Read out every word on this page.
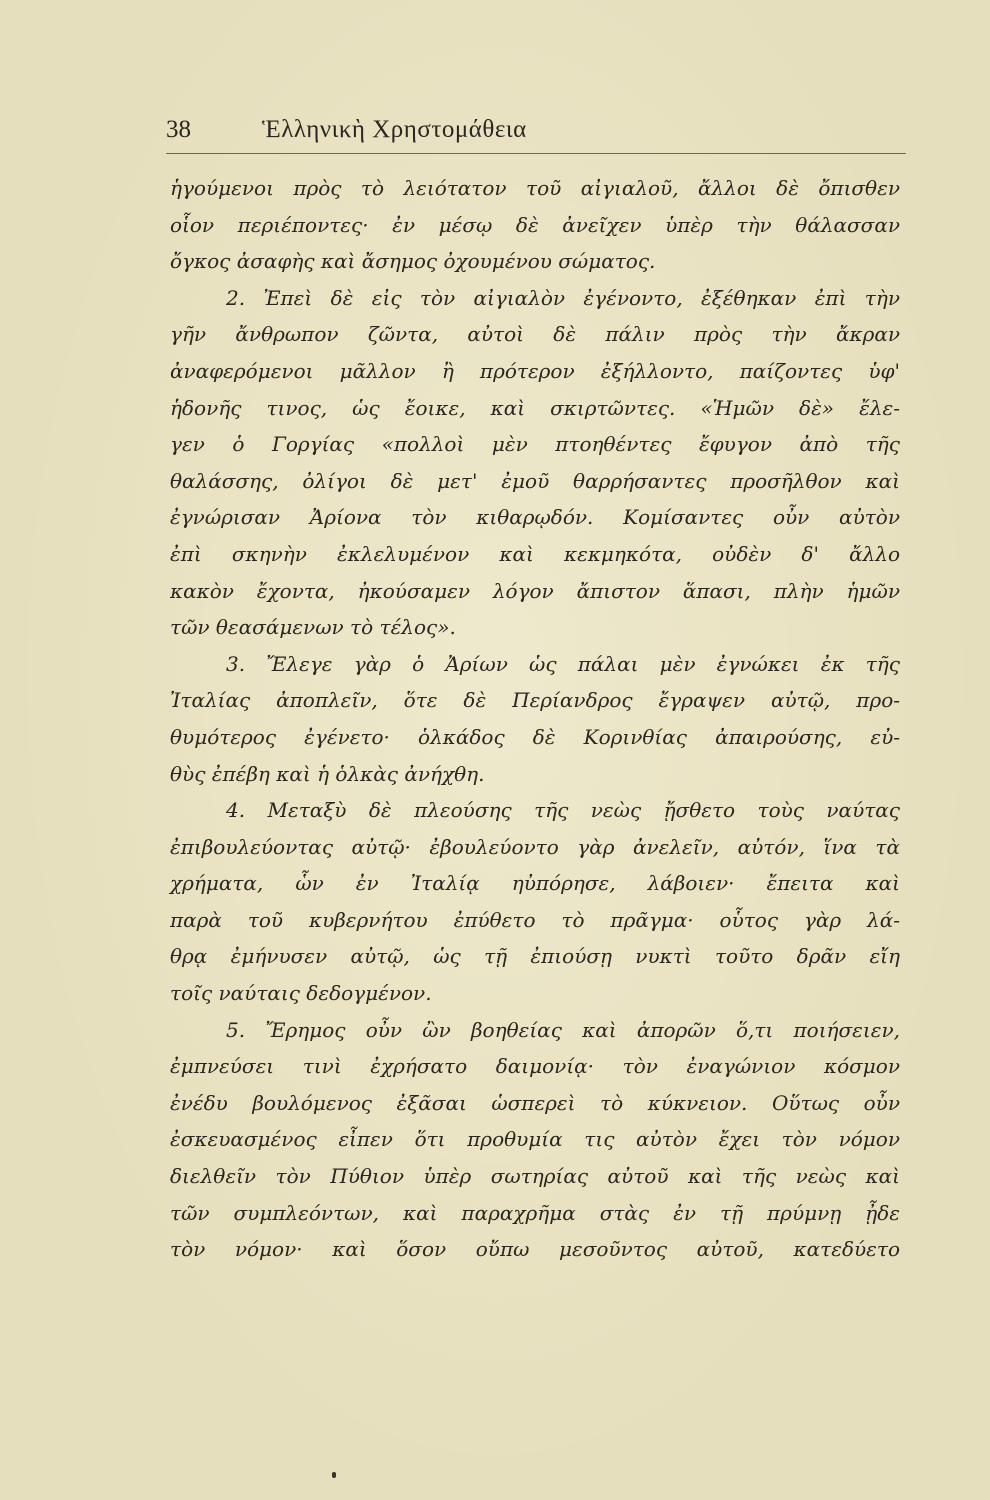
38	Ἑλληνικὴ Χρηστομάθεια
ἡγούμενοι πρὸς τὸ λειότατον τοῦ αἰγιαλοῦ, ἄλλοι δὲ ὄπισθεν
οἷον περιέποντες· ἐν μέσῳ δὲ ἀνεῖχεν ὑπὲρ τὴν θάλασσαν
ὄγκος ἀσαφὴς καὶ ἄσημος ὀχουμένου σώματος.
2. Ἐπεὶ δὲ εἰς τὸν αἰγιαλὸν ἐγένοντο, ἐξέθηκαν ἐπὶ τὴν
γῆν ἄνθρωπον ζῶντα, αὐτοὶ δὲ πάλιν πρὸς τὴν ἄκραν
ἀναφερόμενοι μᾶλλον ἢ πρότερον ἐξήλλοντο, παίζοντες ὑφ'
ἡδονῆς τινος, ὡς ἔοικε, καὶ σκιρτῶντες. «Ἡμῶν δὲ» ἔλε-
γεν ὁ Γοργίας «πολλοὶ μὲν πτοηθέντες ἔφυγον ἀπὸ τῆς
θαλάσσης, ὀλίγοι δὲ μετ' ἐμοῦ θαρρήσαντες προσῆλθον καὶ
ἐγνώρισαν Ἀρίονα τὸν κιθαρῳδόν. Κομίσαντες οὖν αὐτὸν
ἐπὶ σκηνὴν ἐκλελυμένον καὶ κεκμηκότα, οὐδὲν δ' ἄλλο
κακὸν ἔχοντα, ἠκούσαμεν λόγον ἄπιστον ἅπασι, πλὴν ἡμῶν
τῶν θεασάμενων τὸ τέλος».
3. Ἔλεγε γὰρ ὁ Ἀρίων ὡς πάλαι μὲν ἐγνώκει ἐκ τῆς
Ἰταλίας ἀποπλεῖν, ὅτε δὲ Περίανδρος ἔγραψεν αὐτῷ, προ-
θυμότερος ἐγένετο· ὁλκάδος δὲ Κορινθίας ἀπαιρούσης, εὐ-
θὺς ἐπέβη καὶ ἡ ὁλκὰς ἀνήχθη.
4. Μεταξὺ δὲ πλεούσης τῆς νεὼς ᾔσθετο τοὺς ναύτας
ἐπιβουλεύοντας αὐτῷ· ἐβουλεύοντο γὰρ ἀνελεῖν, αὐτόν, ἵνα τὰ
χρήματα, ὧν ἐν Ἰταλίᾳ ηὐπόρησε, λάβοιεν· ἔπειτα καὶ
παρὰ τοῦ κυβερνήτου ἐπύθετο τὸ πρᾶγμα· οὗτος γὰρ λά-
θρᾳ ἐμήνυσεν αὐτῷ, ὡς τῇ ἐπιούσῃ νυκτὶ τοῦτο δρᾶν εἴη
τοῖς ναύταις δεδογμένον.
5. Ἔρημος οὖν ὢν βοηθείας καὶ ἀπορῶν ὅ,τι ποιήσειεν,
ἐμπνεύσει τινὶ ἐχρήσατο δαιμονίᾳ· τὸν ἐναγώνιον κόσμον
ἐνέδυ βουλόμενος ἐξᾶσαι ὡσπερεὶ τὸ κύκνειον. Οὕτως οὖν
ἐσκευασμένος εἶπεν ὅτι προθυμία τις αὐτὸν ἔχει τὸν νόμον
διελθεῖν τὸν Πύθιον ὑπὲρ σωτηρίας αὐτοῦ καὶ τῆς νεὼς καὶ
τῶν συμπλεόντων, καὶ παραχρῆμα στὰς ἐν τῇ πρύμνῃ ᾖδε
τὸν νόμον· καὶ ὅσον οὔπω μεσοῦντος αὐτοῦ, κατεδύετο
